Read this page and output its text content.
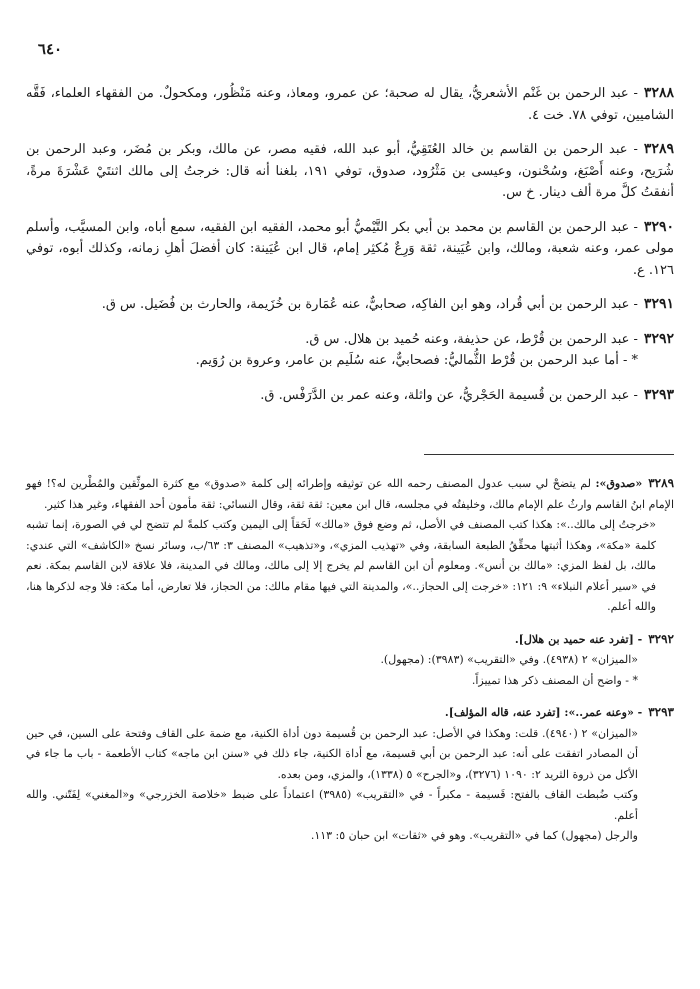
٦٤٠

٣٢٨٨- عبد الرحمن بن غَنْم الأشعريُّ، يقال له صحبة؛ عن عمرو، ومعاذ، وعنه مَنْظُور، ومكحولٌ. من الفقهاء العلماء، فَقَّه الشاميين، توفي ٧٨. خت ٤.

٣٢٨٩- عبد الرحمن بن القاسم بن خالد العُتَقِيُّ، أبو عبد الله، فقيه مصر، عن مالك، وبكر بن مُضَر، وعبد الرحمن بن شُرَيح، وعنه أَصْبَغ، وسُحْنون، وعيسى بن مَثْرُود، صدوق، توفي ١٩١، بلغنا أنه قال: خرجتُ إلى مالك اثنتَيْ عَشْرَةَ مرةً، أنفقتُ كلَّ مرة ألف دينار. خ س.

٣٢٩٠- عبد الرحمن بن القاسم بن محمد بن أبي بكر التَّيْميُّ أبو محمد، الفقيه ابن الفقيه، سمع أباه، وابن المسيَّب، وأسلم مولى عمر، وعنه شعبة، ومالك، وابن عُيَينة، ثقة وَرِعٌ مُكثِر إمام، قال ابن عُيَينة: كان أفضلَ أهلِ زمانه، وكذلك أبوه، توفي ١٢٦. ع.

٣٢٩١- عبد الرحمن بن أبي قُراد، وهو ابن الفاكِه، صحابيٌّ، عنه عُمَارة بن خُزَيمة، والحارث بن فُضَيل. س ق.

٣٢٩٢- عبد الرحمن بن قُرْط، عن حذيفة، وعنه حُميد بن هلال. س ق.
* - أما عبد الرحمن بن قُرْط الثُّماليُّ: فصحابيٌّ، عنه سُلَيم بن عامر، وعروة بن رُوَيم.

٣٢٩٣- عبد الرحمن بن قُسيمة الحَجْريُّ، عن واثلة، وعنه عمر بن الدَّرَفْس. ق.

٣٢٨٩«صدوق»: لم يتضحْ لي سبب عدول المصنف رحمه الله عن توثيقه وإطرائه إلى كلمة «صدوق» مع كثرة الموثِّقين والمُطْرين له؟! فهو الإمام ابنُ القاسم وارثُ علم الإمام مالك، وخليفتُه في مجلسه، قال ابن معين: ثقة ثقة، وقال النسائي: ثقة مأمون أحد الفقهاء، وغير هذا كثير.
«خرجتُ إلى مالك..»: هكذا كتب المصنف في الأصل، ثم وضع فوق «مالك» لَحَقاً إلى اليمين وكتب كلمةً لم تتضح لي في الصورة، إنما تشبه كلمة «مكة»، وهكذا أثبتها محقِّقُ الطبعة السابقة، وفي «تهذيب المزي»، و«تذهيب» المصنف ٣: ٦٣/ب، وسائر نسخ «الكاشف» التي عندي: مالك، بل لفظ المزي: «مالك بن أنس». ومعلوم أن ابن القاسم لم يخرج إلا إلى مالك، ومالك في المدينة، فلا علاقة لابن القاسم بمكة. نعم في «سير أعلام النبلاء» ٩: ١٢١: «خرجت إلى الحجاز..»، والمدينة التي فيها مقام مالك: من الحجاز، فلا تعارض، أما مكة: فلا وجه لذكرها هنا، والله أعلم.

٣٢٩٢- [تفرد عنه حميد بن هلال].
«الميزان» ٢ (٤٩٣٨). وفي «التقريب» (٣٩٨٣): (مجهول).
* - واضح أن المصنف ذكر هذا تمييزاً.

٣٢٩٣- «وعنه عمر..»: [تفرد عنه، قاله المؤلف].
«الميزان» ٢ (٤٩٤٠). قلت: وهكذا في الأصل: عبد الرحمن بن قُسيمة دون أداة الكنية، مع ضمة على القاف وفتحة على السين، في حين أن المصادر اتفقت على أنه: عبد الرحمن بن أبي قسيمة، مع أداة الكنية، جاء ذلك في «سنن ابن ماجه» كتاب الأطعمة - باب ما جاء في الأكل من ذروة الثريد ٢: ١٠٩٠ (٣٢٧٦)، و«الجرح» ٥ (١٣٣٨)، والمزي، ومن بعده.
وكتب ضُبطت القاف بالفتح: قَسيمة - مكبراً - في «التقريب» (٣٩٨٥) اعتماداً على ضبط «خلاصة الخزرجي» و«المغني» لِفَتّني. والله أعلم.
والرجل (مجهول) كما في «التقريب». وهو في «ثقات» ابن حبان ٥: ١١٣.
